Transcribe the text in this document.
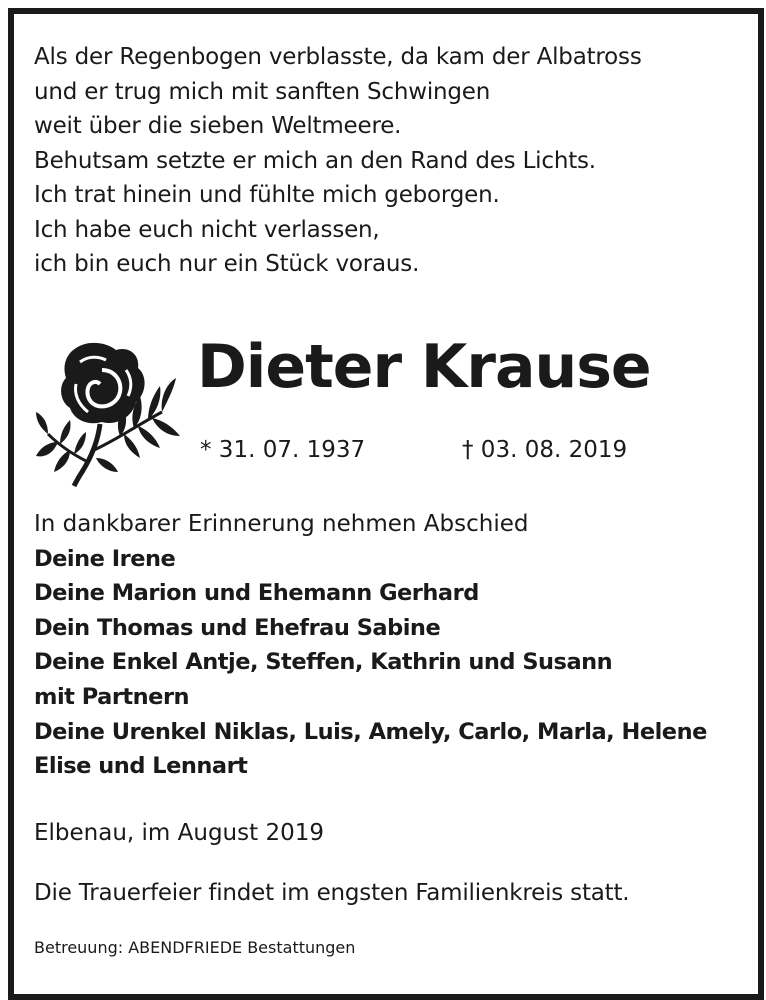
Als der Regenbogen verblasste, da kam der Albatross
und er trug mich mit sanften Schwingen
weit über die sieben Weltmeere.
Behutsam setzte er mich an den Rand des Lichts.
Ich trat hinein und fühlte mich geborgen.
Ich habe euch nicht verlassen,
ich bin euch nur ein Stück voraus.
Dieter Krause
* 31. 07. 1937	† 03. 08. 2019
In dankbarer Erinnerung nehmen Abschied
Deine Irene
Deine Marion und Ehemann Gerhard
Dein Thomas und Ehefrau Sabine
Deine Enkel Antje, Steffen, Kathrin und Susann
mit Partnern
Deine Urenkel Niklas, Luis, Amely, Carlo, Marla, Helene
Elise und Lennart
Elbenau, im August 2019
Die Trauerfeier findet im engsten Familienkreis statt.
Betreuung: ABENDFRIEDE Bestattungen
